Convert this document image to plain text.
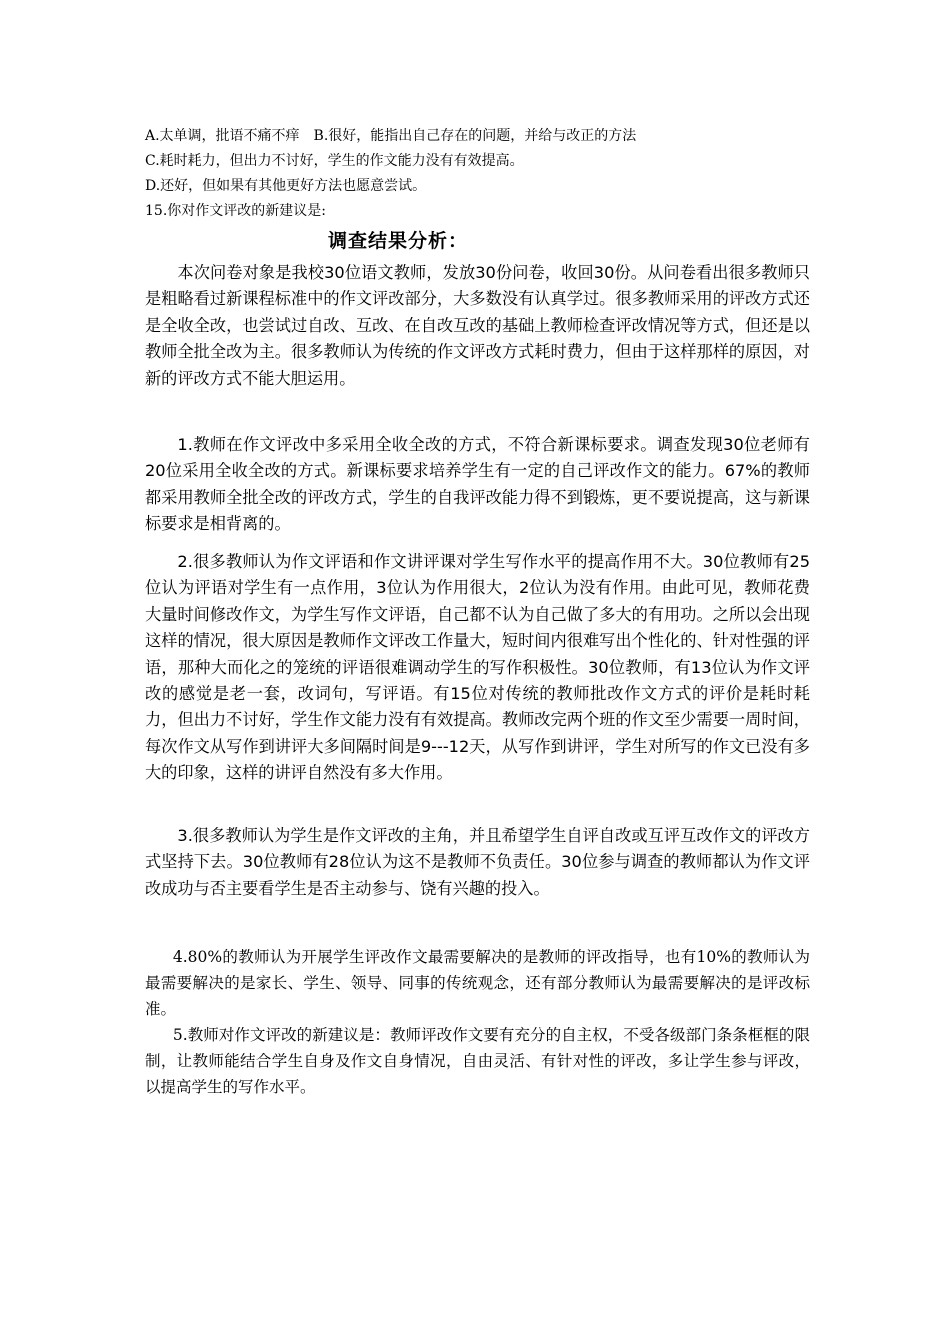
A.太单调，批语不痛不痒　B.很好，能指出自己存在的问题，并给与改正的方法

C.耗时耗力，但出力不讨好，学生的作文能力没有有效提高。

D.还好，但如果有其他更好方法也愿意尝试。

15.你对作文评改的新建议是:

调查结果分析：

本次问卷对象是我校30位语文教师，发放30份问卷，收回30份。从问卷看出很多教师只是粗略看过新课程标准中的作文评改部分，大多数没有认真学过。很多教师采用的评改方式还是全收全改，也尝试过自改、互改、在自改互改的基础上教师检查评改情况等方式，但还是以教师全批全改为主。很多教师认为传统的作文评改方式耗时费力，但由于这样那样的原因，对新的评改方式不能大胆运用。

1.教师在作文评改中多采用全收全改的方式，不符合新课标要求。调查发现30位老师有20位采用全收全改的方式。新课标要求培养学生有一定的自己评改作文的能力。67%的教师都采用教师全批全改的评改方式，学生的自我评改能力得不到锻炼，更不要说提高，这与新课标要求是相背离的。

2.很多教师认为作文评语和作文讲评课对学生写作水平的提高作用不大。30位教师有25位认为评语对学生有一点作用，3位认为作用很大，2位认为没有作用。由此可见，教师花费大量时间修改作文，为学生写作文评语，自己都不认为自己做了多大的有用功。之所以会出现这样的情况，很大原因是教师作文评改工作量大，短时间内很难写出个性化的、针对性强的评语，那种大而化之的笼统的评语很难调动学生的写作积极性。30位教师，有13位认为作文评改的感觉是老一套，改词句，写评语。有15位对传统的教师批改作文方式的评价是耗时耗力，但出力不讨好，学生作文能力没有有效提高。教师改完两个班的作文至少需要一周时间，每次作文从写作到讲评大多间隔时间是9---12天，从写作到讲评，学生对所写的作文已没有多大的印象，这样的讲评自然没有多大作用。

3.很多教师认为学生是作文评改的主角，并且希望学生自评自改或互评互改作文的评改方式坚持下去。30位教师有28位认为这不是教师不负责任。30位参与调查的教师都认为作文评改成功与否主要看学生是否主动参与、饶有兴趣的投入。

4.80%的教师认为开展学生评改作文最需要解决的是教师的评改指导，也有10%的教师认为最需要解决的是家长、学生、领导、同事的传统观念，还有部分教师认为最需要解决的是评改标准。

5.教师对作文评改的新建议是：教师评改作文要有充分的自主权，不受各级部门条条框框的限制，让教师能结合学生自身及作文自身情况，自由灵活、有针对性的评改，多让学生参与评改，以提高学生的写作水平。
